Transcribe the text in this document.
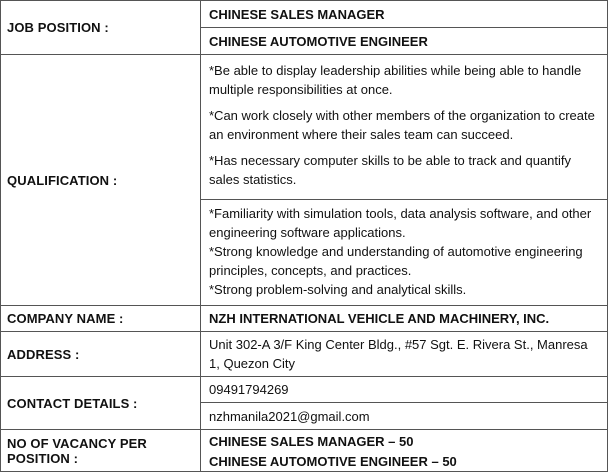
JOB POSITION :
CHINESE SALES MANAGER
CHINESE AUTOMOTIVE ENGINEER
QUALIFICATION :

*Be able to display leadership abilities while being able to handle multiple responsibilities at once.

*Can work closely with other members of the organization to create an environment where their sales team can succeed.

*Has necessary computer skills to be able to track and quantify sales statistics.

*Familiarity with simulation tools, data analysis software, and other engineering software applications.

*Strong knowledge and understanding of automotive engineering principles, concepts, and practices.

*Strong problem-solving and analytical skills.

COMPANY NAME :	NZH INTERNATIONAL VEHICLE AND MACHINERY, INC.
ADDRESS :
Unit 302-A 3/F King Center Bldg., #57 Sgt. E. Rivera St., Manresa 1, Quezon City
CONTACT DETAILS :
09491794269
nzhmanila2021@gmail.com
NO OF VACANCY PER POSITION :
CHINESE SALES MANAGER – 50
CHINESE AUTOMOTIVE ENGINEER – 50
